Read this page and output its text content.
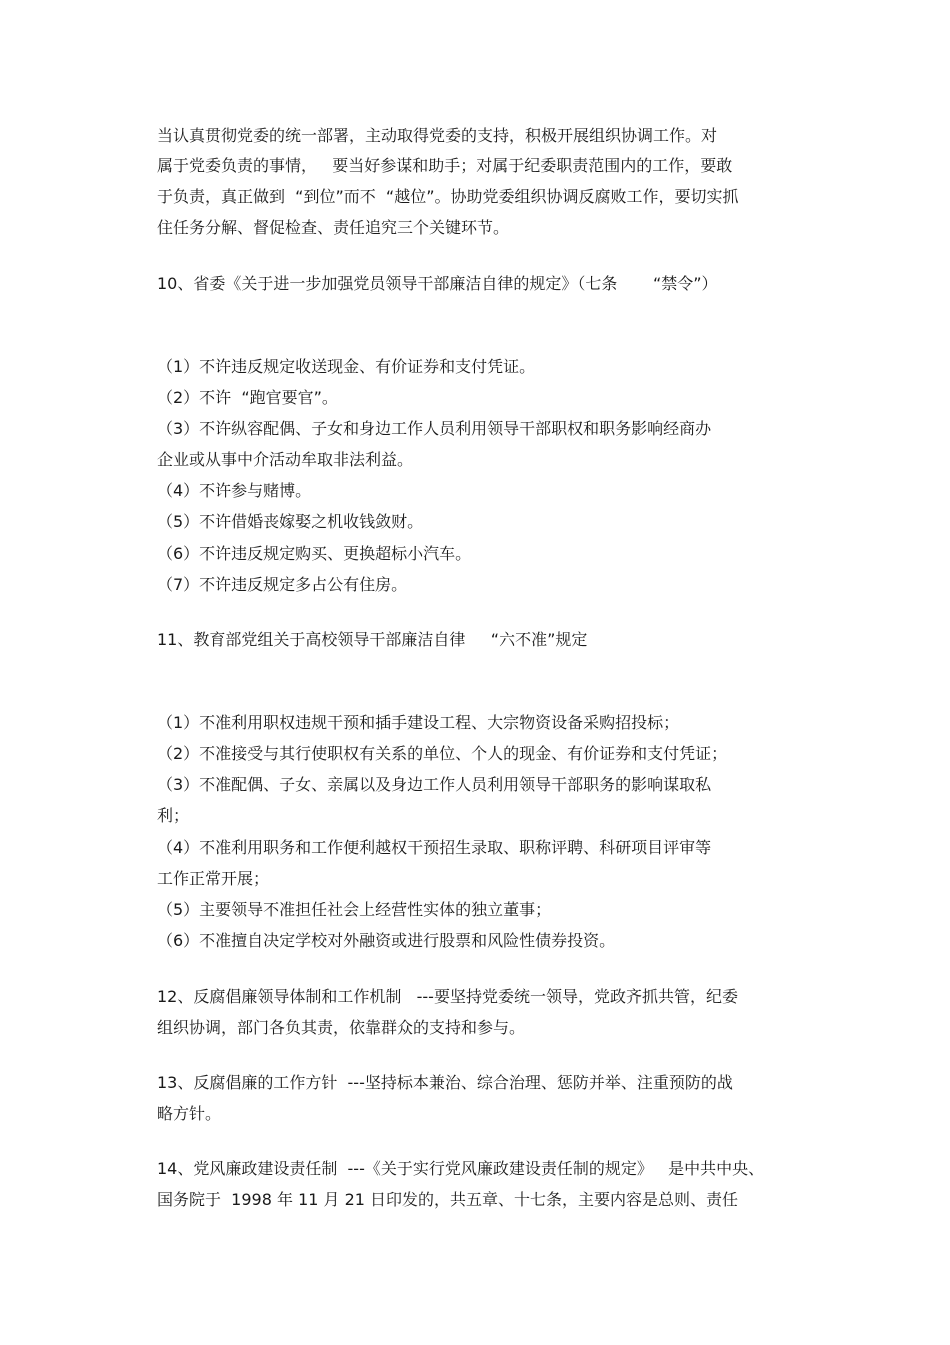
当认真贯彻党委的统一部署，主动取得党委的支持，积极开展组织协调工作。对
属于党委负责的事情，   要当好参谋和助手；对属于纪委职责范围内的工作，要敢
于负责，真正做到  “到位”而不  “越位”。协助党委组织协调反腐败工作，要切实抓
住任务分解、督促检查、责任追究三个关键环节。
10、省委《关于进一步加强党员领导干部廉洁自律的规定》（七条       “禁令”）
（1）不许违反规定收送现金、有价证券和支付凭证。
（2）不许  “跑官要官”。
（3）不许纵容配偶、子女和身边工作人员利用领导干部职权和职务影响经商办
企业或从事中介活动牟取非法利益。
（4）不许参与赌博。
（5）不许借婚丧嫁娶之机收钱敛财。
（6）不许违反规定购买、更换超标小汽车。
（7）不许违反规定多占公有住房。
11、教育部党组关于高校领导干部廉洁自律     “六不准”规定
（1）不准利用职权违规干预和插手建设工程、大宗物资设备采购招投标；
（2）不准接受与其行使职权有关系的单位、个人的现金、有价证券和支付凭证；
（3）不准配偶、子女、亲属以及身边工作人员利用领导干部职务的影响谋取私
利；
（4）不准利用职务和工作便利越权干预招生录取、职称评聘、科研项目评审等
工作正常开展；
（5）主要领导不准担任社会上经营性实体的独立董事；
（6）不准擅自决定学校对外融资或进行股票和风险性债券投资。
12、反腐倡廉领导体制和工作机制   ---要坚持党委统一领导，党政齐抓共管，纪委
组织协调，部门各负其责，依靠群众的支持和参与。
13、反腐倡廉的工作方针  ---坚持标本兼治、综合治理、惩防并举、注重预防的战
略方针。
14、党风廉政建设责任制  ---《关于实行党风廉政建设责任制的规定》   是中共中央、
国务院于  1998 年 11 月 21 日印发的，共五章、十七条，主要内容是总则、责任
